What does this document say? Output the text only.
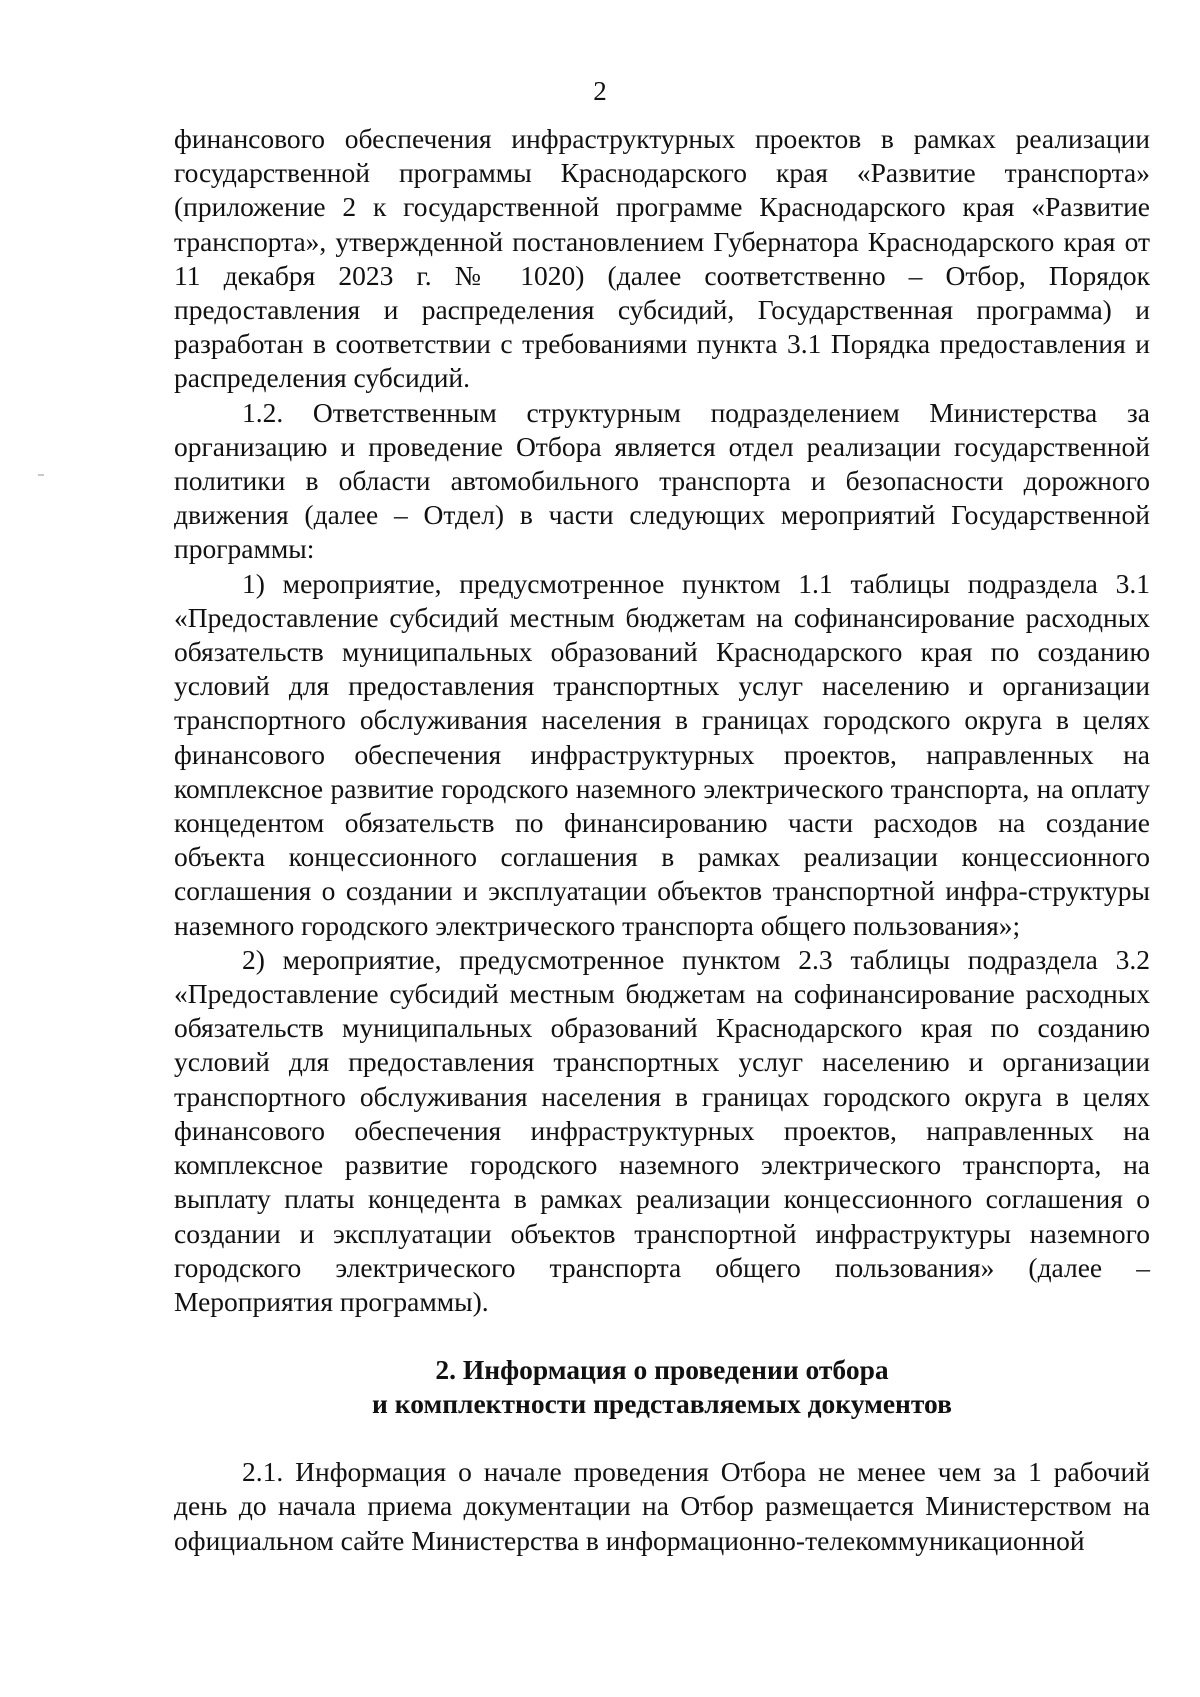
2

финансового обеспечения инфраструктурных проектов в рамках реализации государственной программы Краснодарского края «Развитие транспорта» (приложение 2 к государственной программе Краснодарского края «Развитие транспорта», утвержденной постановлением Губернатора Краснодарского края от 11 декабря 2023 г. № 1020) (далее соответственно – Отбор, Порядок предоставления и распределения субсидий, Государственная программа) и разработан в соответствии с требованиями пункта 3.1 Порядка предоставления и распределения субсидий.

1.2. Ответственным структурным подразделением Министерства за организацию и проведение Отбора является отдел реализации государственной политики в области автомобильного транспорта и безопасности дорожного движения (далее – Отдел) в части следующих мероприятий Государственной программы:

1) мероприятие, предусмотренное пунктом 1.1 таблицы подраздела 3.1 «Предоставление субсидий местным бюджетам на софинансирование расходных обязательств муниципальных образований Краснодарского края по созданию условий для предоставления транспортных услуг населению и организации транспортного обслуживания населения в границах городского округа в целях финансового обеспечения инфраструктурных проектов, направленных на комплексное развитие городского наземного электрического транспорта, на оплату концедентом обязательств по финансированию части расходов на создание объекта концессионного соглашения в рамках реализации концессионного соглашения о создании и эксплуатации объектов транспортной инфра-структуры наземного городского электрического транспорта общего пользования»;

2) мероприятие, предусмотренное пунктом 2.3 таблицы подраздела 3.2 «Предоставление субсидий местным бюджетам на софинансирование расходных обязательств муниципальных образований Краснодарского края по созданию условий для предоставления транспортных услуг населению и организации транспортного обслуживания населения в границах городского округа в целях финансового обеспечения инфраструктурных проектов, направленных на комплексное развитие городского наземного электрического транспорта, на выплату платы концедента в рамках реализации концессионного соглашения о создании и эксплуатации объектов транспортной инфраструктуры наземного городского электрического транспорта общего пользования» (далее – Мероприятия программы).

2. Информация о проведении отбора
и комплектности представляемых документов

2.1. Информация о начале проведения Отбора не менее чем за 1 рабочий день до начала приема документации на Отбор размещается Министерством на официальном сайте Министерства в информационно-телекоммуникационной
